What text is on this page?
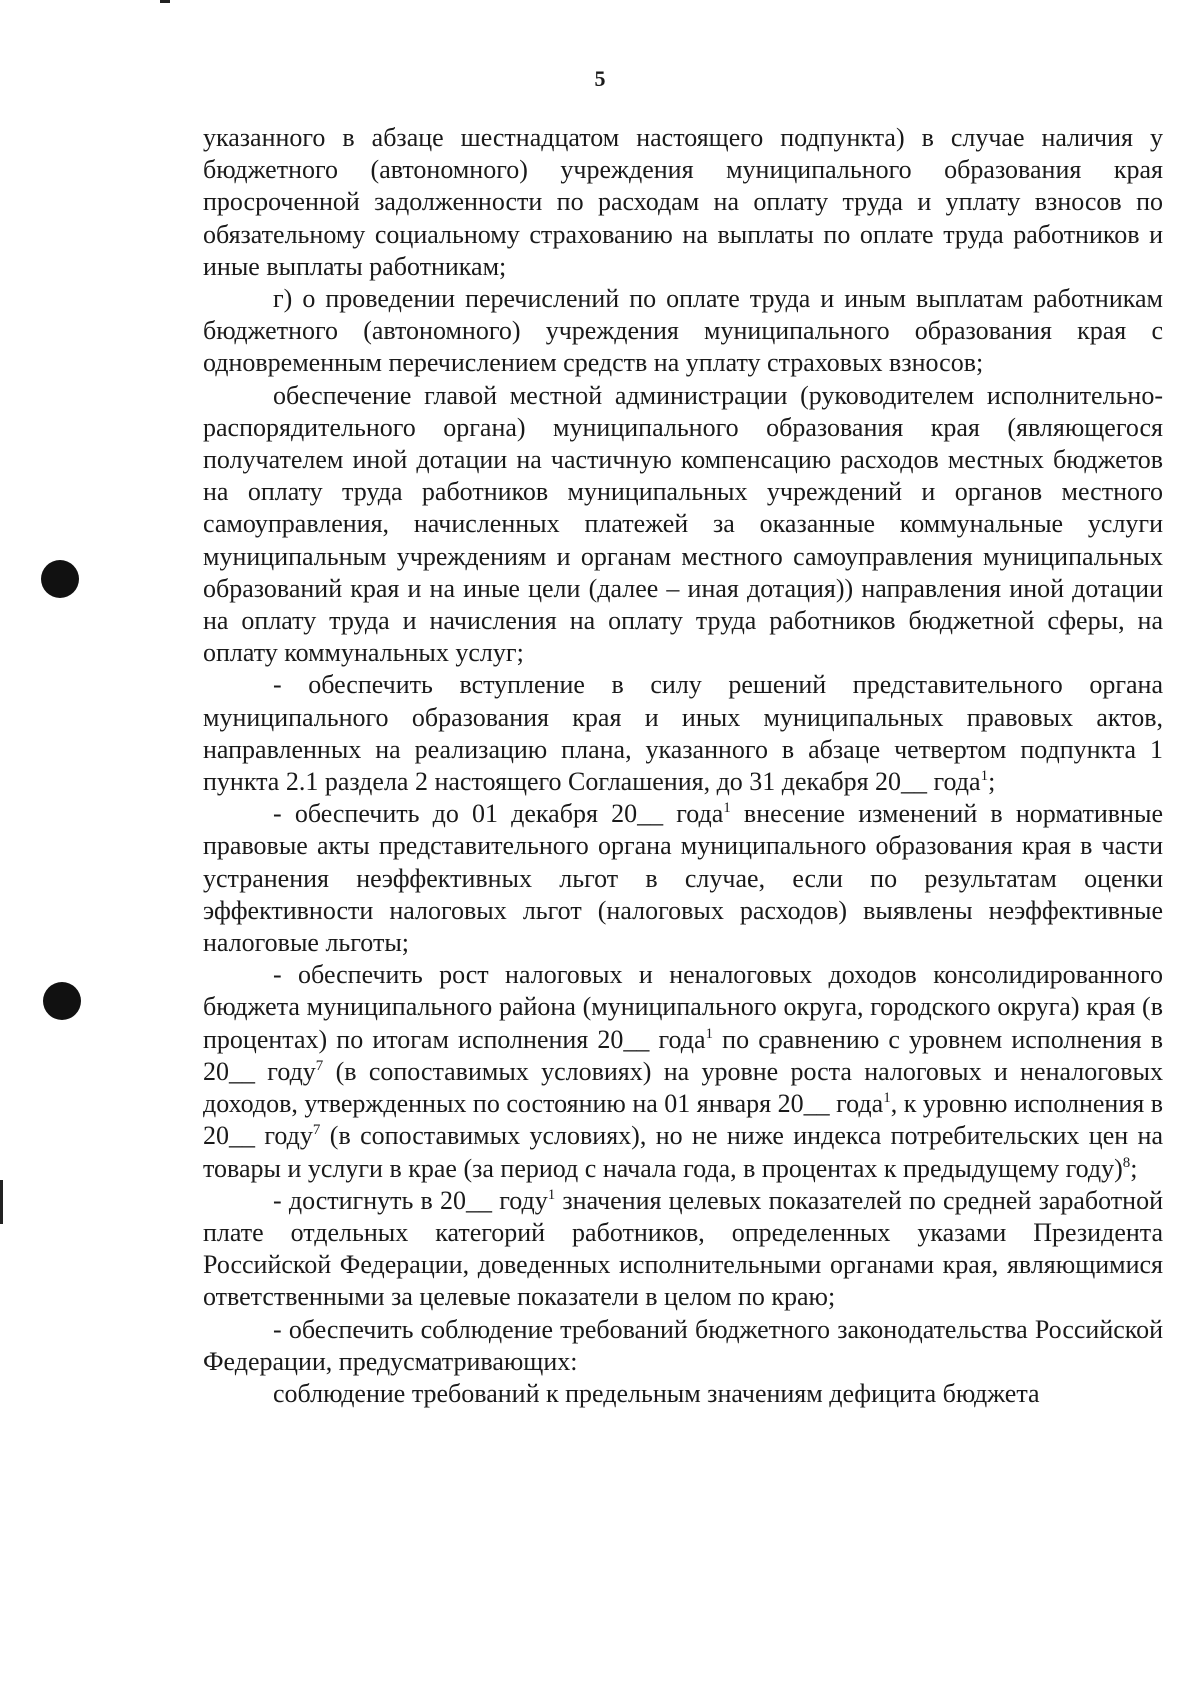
5

указанного в абзаце шестнадцатом настоящего подпункта) в случае наличия у бюджетного (автономного) учреждения муниципального образования края просроченной задолженности по расходам на оплату труда и уплату взносов по обязательному социальному страхованию на выплаты по оплате труда работников и иные выплаты работникам;

г) о проведении перечислений по оплате труда и иным выплатам работникам бюджетного (автономного) учреждения муниципального образования края с одновременным перечислением средств на уплату страховых взносов;

обеспечение главой местной администрации (руководителем исполнительно-распорядительного органа) муниципального образования края (являющегося получателем иной дотации на частичную компенсацию расходов местных бюджетов на оплату труда работников муниципальных учреждений и органов местного самоуправления, начисленных платежей за оказанные коммунальные услуги муниципальным учреждениям и органам местного самоуправления муниципальных образований края и на иные цели (далее – иная дотация)) направления иной дотации на оплату труда и начисления на оплату труда работников бюджетной сферы, на оплату коммунальных услуг;

- обеспечить вступление в силу решений представительного органа муниципального образования края и иных муниципальных правовых актов, направленных на реализацию плана, указанного в абзаце четвертом подпункта 1 пункта 2.1 раздела 2 настоящего Соглашения, до 31 декабря 20__ года$^1$;

- обеспечить до 01 декабря 20__ года$^1$ внесение изменений в нормативные правовые акты представительного органа муниципального образования края в части устранения неэффективных льгот в случае, если по результатам оценки эффективности налоговых льгот (налоговых расходов) выявлены неэффективные налоговые льготы;

- обеспечить рост налоговых и неналоговых доходов консолидированного бюджета муниципального района (муниципального округа, городского округа) края (в процентах) по итогам исполнения 20__ года$^1$ по сравнению с уровнем исполнения в 20__ году$^7$ (в сопоставимых условиях) на уровне роста налоговых и неналоговых доходов, утвержденных по состоянию на 01 января 20__ года$^1$, к уровню исполнения в 20__ году$^7$ (в сопоставимых условиях), но не ниже индекса потребительских цен на товары и услуги в крае (за период с начала года, в процентах к предыдущему году)$^8$;

- достигнуть в 20__ году$^1$ значения целевых показателей по средней заработной плате отдельных категорий работников, определенных указами Президента Российской Федерации, доведенных исполнительными органами края, являющимися ответственными за целевые показатели в целом по краю;

- обеспечить соблюдение требований бюджетного законодательства Российской Федерации, предусматривающих:

соблюдение требований к предельным значениям дефицита бюджета
